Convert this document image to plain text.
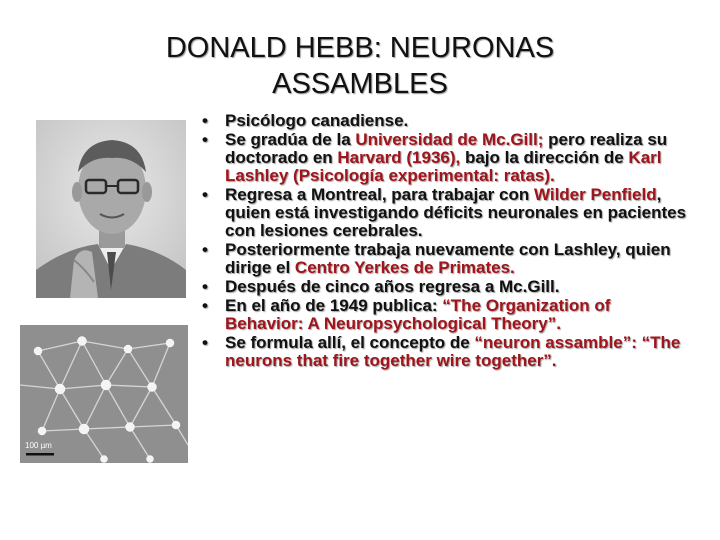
DONALD HEBB: NEURONAS
ASSAMBLES
100 µm
• Psicólogo canadiense.
• Se gradúa de la Universidad de Mc.Gill; pero realiza su doctorado en Harvard (1936), bajo la dirección de Karl Lashley (Psicología experimental: ratas).
• Regresa a Montreal, para trabajar con Wilder Penfield, quien está investigando déficits neuronales en pacientes con lesiones cerebrales.
• Posteriormente trabaja nuevamente con Lashley, quien dirige el Centro Yerkes de Primates.
• Después de cinco años regresa a Mc.Gill.
• En el año de 1949 publica: “The Organization of Behavior: A Neuropsychological Theory”.
• Se formula allí, el concepto de “neuron assamble”: “The neurons that fire together wire together”.
